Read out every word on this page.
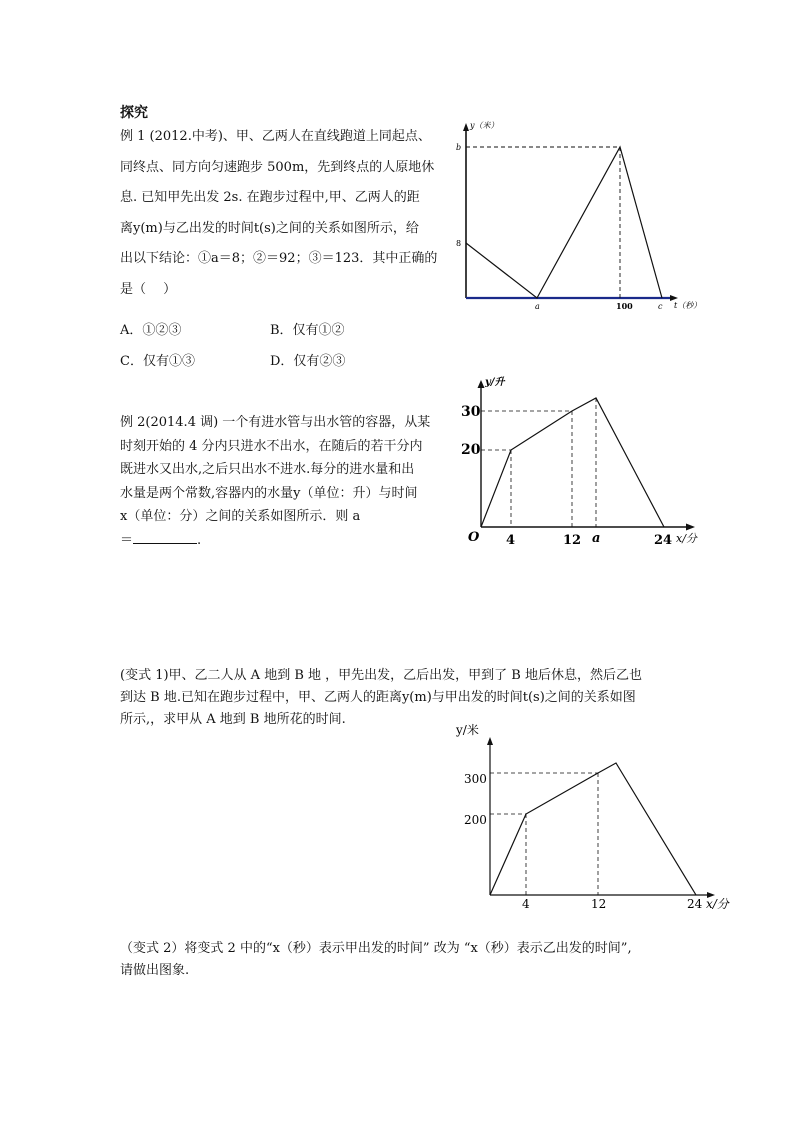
探究
例 1 (2012.中考)、甲、乙两人在直线跑道上同起点、
同终点、同方向匀速跑步 500m，先到终点的人原地休
息. 已知甲先出发 2s. 在跑步过程中,甲、乙两人的距
离y(m)与乙出发的时间t(s)之间的关系如图所示，给
出以下结论：①a＝8；②＝92；③＝123．其中正确的
是（　 ）
A．①②③	B．仅有①②
C．仅有①③	D．仅有②③
y（米）
t（秒）
8
b
a	100	c
例 2(2014.4 调) 一个有进水管与出水管的容器，从某
时刻开始的 4 分内只进水不出水，在随后的若干分内
既进水又出水,之后只出水不进水.每分的进水量和出
水量是两个常数,容器内的水量y（单位：升）与时间
x（单位：分）之间的关系如图所示．则 a
＝	.
y/升
x/分
O
20
30
4	12 a	24
(变式 1)甲、乙二人从 A 地到 B 地 ，甲先出发，乙后出发，甲到了 B 地后休息，然后乙也
到达 B 地.已知在跑步过程中，甲、乙两人的距离y(m)与甲出发的时间t(s)之间的关系如图
所示,，求甲从 A 地到 B 地所花的时间.
y/米
x/分
200
300
4	12	24
（变式 2）将变式 2 中的“x（秒）表示甲出发的时间” 改为 “x（秒）表示乙出发的时间”,
请做出图象.
